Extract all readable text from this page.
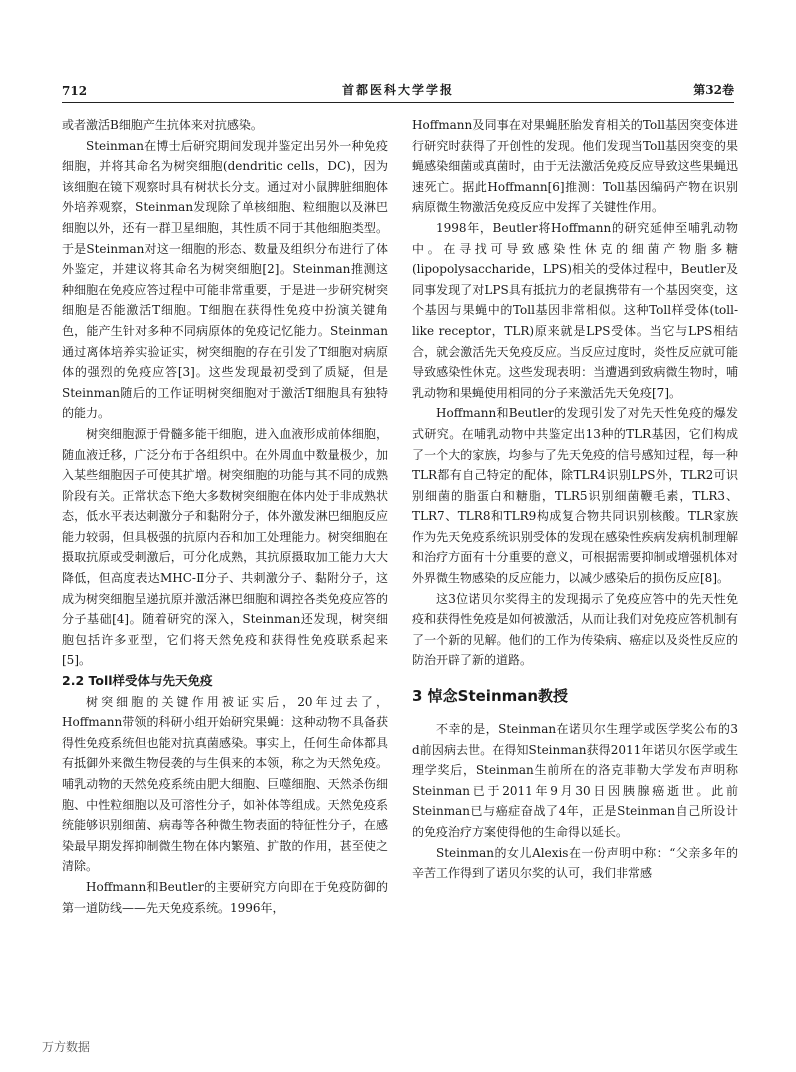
712	首都医科大学学报	第32卷

或者激活B细胞产生抗体来对抗感染。

Steinman在博士后研究期间发现并鉴定出另外一种免疫细胞，并将其命名为树突细胞(dendritic cells，DC)，因为该细胞在镜下观察时具有树状长分支。通过对小鼠脾脏细胞体外培养观察，Steinman发现除了单核细胞、粒细胞以及淋巴细胞以外，还有一群卫星细胞，其性质不同于其他细胞类型。于是Steinman对这一细胞的形态、数量及组织分布进行了体外鉴定，并建议将其命名为树突细胞[2]。Steinman推测这种细胞在免疫应答过程中可能非常重要，于是进一步研究树突细胞是否能激活T细胞。T细胞在获得性免疫中扮演关键角色，能产生针对多种不同病原体的免疫记忆能力。Steinman通过离体培养实验证实，树突细胞的存在引发了T细胞对病原体的强烈的免疫应答[3]。这些发现最初受到了质疑，但是Steinman随后的工作证明树突细胞对于激活T细胞具有独特的能力。

树突细胞源于骨髓多能干细胞，进入血液形成前体细胞，随血液迁移，广泛分布于各组织中。在外周血中数量极少，加入某些细胞因子可使其扩增。树突细胞的功能与其不同的成熟阶段有关。正常状态下绝大多数树突细胞在体内处于非成熟状态，低水平表达刺激分子和黏附分子，体外激发淋巴细胞反应能力较弱，但具极强的抗原内吞和加工处理能力。树突细胞在摄取抗原或受刺激后，可分化成熟，其抗原摄取加工能力大大降低，但高度表达MHC-Ⅱ分子、共刺激分子、黏附分子，这成为树突细胞呈递抗原并激活淋巴细胞和调控各类免疫应答的分子基础[4]。随着研究的深入，Steinman还发现，树突细胞包括许多亚型，它们将天然免疫和获得性免疫联系起来[5]。

2.2 Toll样受体与先天免疫

树突细胞的关键作用被证实后，20年过去了，Hoffmann带领的科研小组开始研究果蝇：这种动物不具备获得性免疫系统但也能对抗真菌感染。事实上，任何生命体都具有抵御外来微生物侵袭的与生俱来的本领，称之为天然免疫。哺乳动物的天然免疫系统由肥大细胞、巨噬细胞、天然杀伤细胞、中性粒细胞以及可溶性分子，如补体等组成。天然免疫系统能够识别细菌、病毒等各种微生物表面的特征性分子，在感染最早期发挥抑制微生物在体内繁殖、扩散的作用，甚至使之清除。

Hoffmann和Beutler的主要研究方向即在于免疫防御的第一道防线——先天免疫系统。1996年，

Hoffmann及同事在对果蝇胚胎发育相关的Toll基因突变体进行研究时获得了开创性的发现。他们发现当Toll基因突变的果蝇感染细菌或真菌时，由于无法激活免疫反应导致这些果蝇迅速死亡。据此Hoffmann[6]推测：Toll基因编码产物在识别病原微生物激活免疫反应中发挥了关键性作用。

1998年，Beutler将Hoffmann的研究延伸至哺乳动物中。在寻找可导致感染性休克的细菌产物脂多糖(lipopolysaccharide，LPS)相关的受体过程中，Beutler及同事发现了对LPS具有抵抗力的老鼠携带有一个基因突变，这个基因与果蝇中的Toll基因非常相似。这种Toll样受体(toll-like receptor，TLR)原来就是LPS受体。当它与LPS相结合，就会激活先天免疫反应。当反应过度时，炎性反应就可能导致感染性休克。这些发现表明：当遭遇到致病微生物时，哺乳动物和果蝇使用相同的分子来激活先天免疫[7]。

Hoffmann和Beutler的发现引发了对先天性免疫的爆发式研究。在哺乳动物中共鉴定出13种的TLR基因，它们构成了一个大的家族，均参与了先天免疫的信号感知过程，每一种TLR都有自己特定的配体，除TLR4识别LPS外，TLR2可识别细菌的脂蛋白和糖脂，TLR5识别细菌鞭毛素，TLR3、TLR7、TLR8和TLR9构成复合物共同识别核酸。TLR家族作为先天免疫系统识别受体的发现在感染性疾病发病机制理解和治疗方面有十分重要的意义，可根据需要抑制或增强机体对外界微生物感染的反应能力，以减少感染后的损伤反应[8]。

这3位诺贝尔奖得主的发现揭示了免疫应答中的先天性免疫和获得性免疫是如何被激活，从而让我们对免疫应答机制有了一个新的见解。他们的工作为传染病、癌症以及炎性反应的防治开辟了新的道路。

3 悼念Steinman教授

不幸的是，Steinman在诺贝尔生理学或医学奖公布的3 d前因病去世。在得知Steinman获得2011年诺贝尔医学或生理学奖后，Steinman生前所在的洛克菲勒大学发布声明称Steinman已于2011年9月30日因胰腺癌逝世。此前Steinman已与癌症奋战了4年，正是Steinman自己所设计的免疫治疗方案使得他的生命得以延长。

Steinman的女儿Alexis在一份声明中称：“父亲多年的辛苦工作得到了诺贝尔奖的认可，我们非常感

万方数据
